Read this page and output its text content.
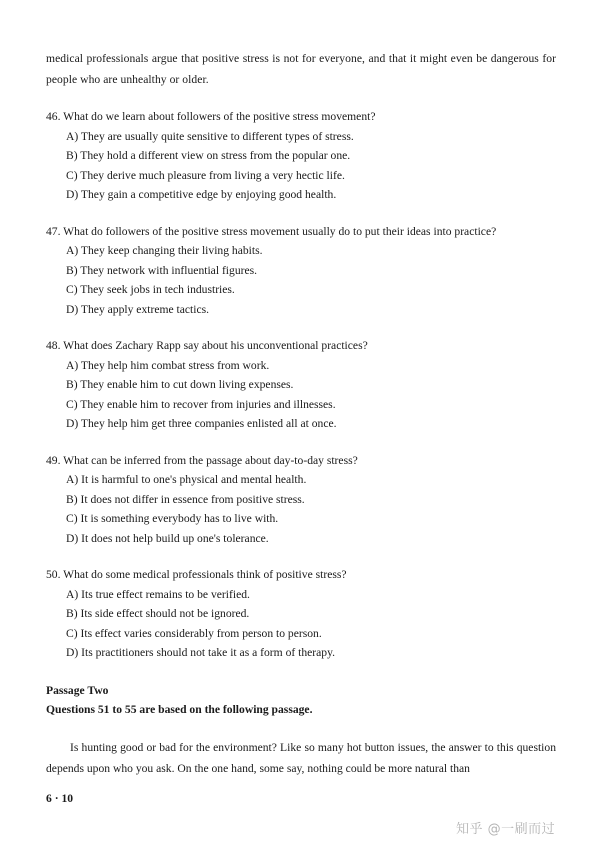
medical professionals argue that positive stress is not for everyone, and that it might even be dangerous for people who are unhealthy or older.

46. What do we learn about followers of the positive stress movement?
A) They are usually quite sensitive to different types of stress.
B) They hold a different view on stress from the popular one.
C) They derive much pleasure from living a very hectic life.
D) They gain a competitive edge by enjoying good health.
47. What do followers of the positive stress movement usually do to put their ideas into practice?
A) They keep changing their living habits.
B) They network with influential figures.
C) They seek jobs in tech industries.
D) They apply extreme tactics.
48. What does Zachary Rapp say about his unconventional practices?
A) They help him combat stress from work.
B) They enable him to cut down living expenses.
C) They enable him to recover from injuries and illnesses.
D) They help him get three companies enlisted all at once.
49. What can be inferred from the passage about day-to-day stress?
A) It is harmful to one's physical and mental health.
B) It does not differ in essence from positive stress.
C) It is something everybody has to live with.
D) It does not help build up one's tolerance.
50. What do some medical professionals think of positive stress?
A) Its true effect remains to be verified.
B) Its side effect should not be ignored.
C) Its effect varies considerably from person to person.
D) Its practitioners should not take it as a form of therapy.
Passage Two
Questions 51 to 55 are based on the following passage.

Is hunting good or bad for the environment? Like so many hot button issues, the answer to this question depends upon who you ask. On the one hand, some say, nothing could be more natural than

6 · 10
知乎 @一刷而过
